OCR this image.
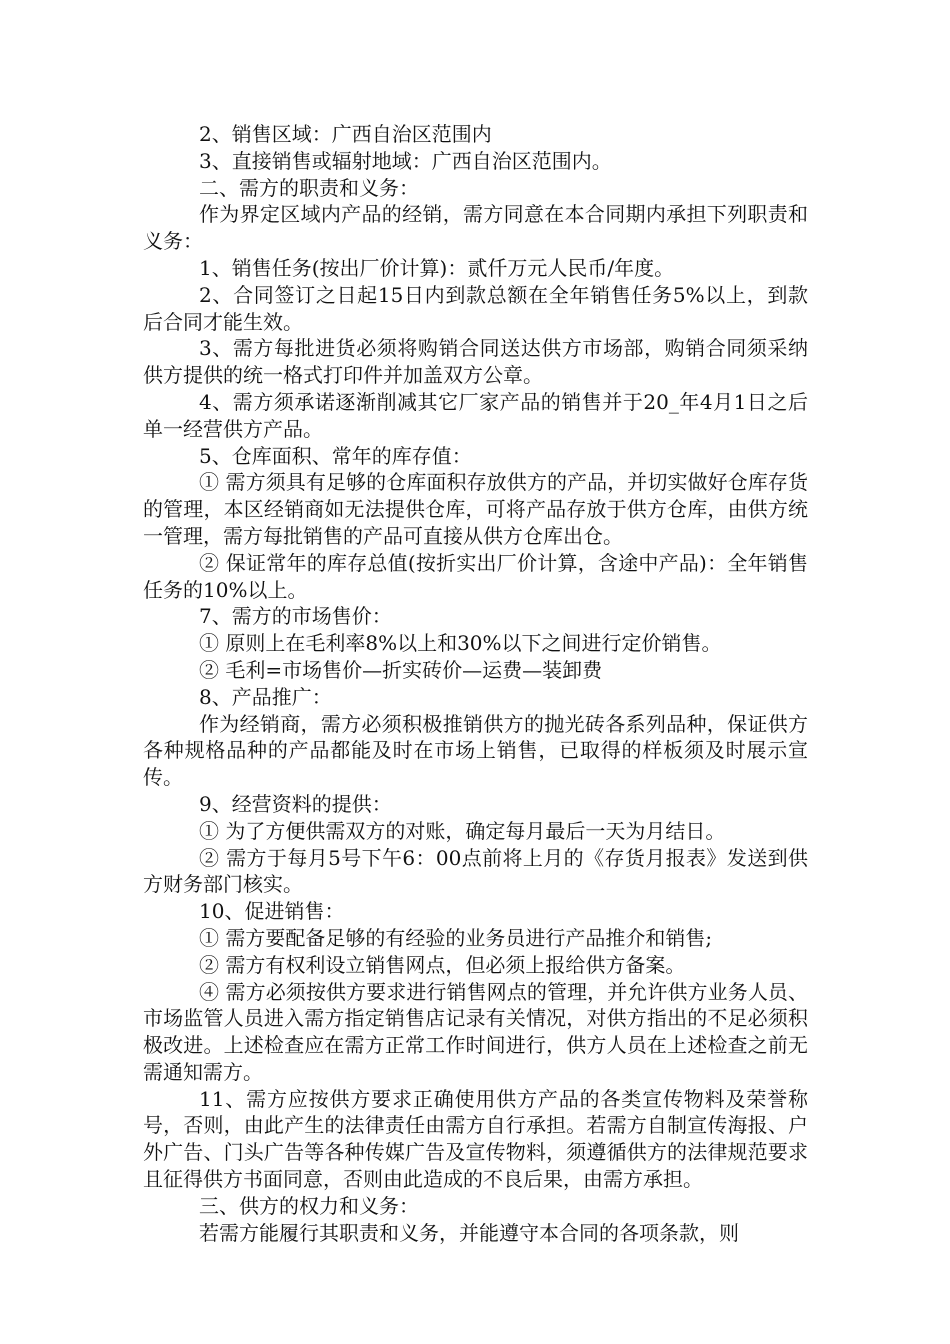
2、销售区域：广西自治区范围内

3、直接销售或辐射地域：广西自治区范围内。

二、需方的职责和义务：

作为界定区域内产品的经销，需方同意在本合同期内承担下列职责和义务：

1、销售任务(按出厂价计算)：贰仟万元人民币/年度。

2、合同签订之日起15日内到款总额在全年销售任务5%以上，到款后合同才能生效。

3、需方每批进货必须将购销合同送达供方市场部，购销合同须采纳供方提供的统一格式打印件并加盖双方公章。

4、需方须承诺逐渐削减其它厂家产品的销售并于20_年4月1日之后单一经营供方产品。

5、仓库面积、常年的库存值：

① 需方须具有足够的仓库面积存放供方的产品，并切实做好仓库存货的管理，本区经销商如无法提供仓库，可将产品存放于供方仓库，由供方统一管理，需方每批销售的产品可直接从供方仓库出仓。

② 保证常年的库存总值(按折实出厂价计算，含途中产品)：全年销售任务的10%以上。

7、需方的市场售价：

① 原则上在毛利率8%以上和30%以下之间进行定价销售。

② 毛利=市场售价—折实砖价—运费—装卸费

8、产品推广：

作为经销商，需方必须积极推销供方的抛光砖各系列品种，保证供方各种规格品种的产品都能及时在市场上销售，已取得的样板须及时展示宣传。

9、经营资料的提供：

① 为了方便供需双方的对账，确定每月最后一天为月结日。

② 需方于每月5号下午6：00点前将上月的《存货月报表》发送到供方财务部门核实。

10、促进销售：

① 需方要配备足够的有经验的业务员进行产品推介和销售;

② 需方有权利设立销售网点，但必须上报给供方备案。

④ 需方必须按供方要求进行销售网点的管理，并允许供方业务人员、市场监管人员进入需方指定销售店记录有关情况，对供方指出的不足必须积极改进。上述检查应在需方正常工作时间进行，供方人员在上述检查之前无需通知需方。

11、需方应按供方要求正确使用供方产品的各类宣传物料及荣誉称号，否则，由此产生的法律责任由需方自行承担。若需方自制宣传海报、户外广告、门头广告等各种传媒广告及宣传物料，须遵循供方的法律规范要求且征得供方书面同意，否则由此造成的不良后果，由需方承担。

三、供方的权力和义务：

若需方能履行其职责和义务，并能遵守本合同的各项条款，则
